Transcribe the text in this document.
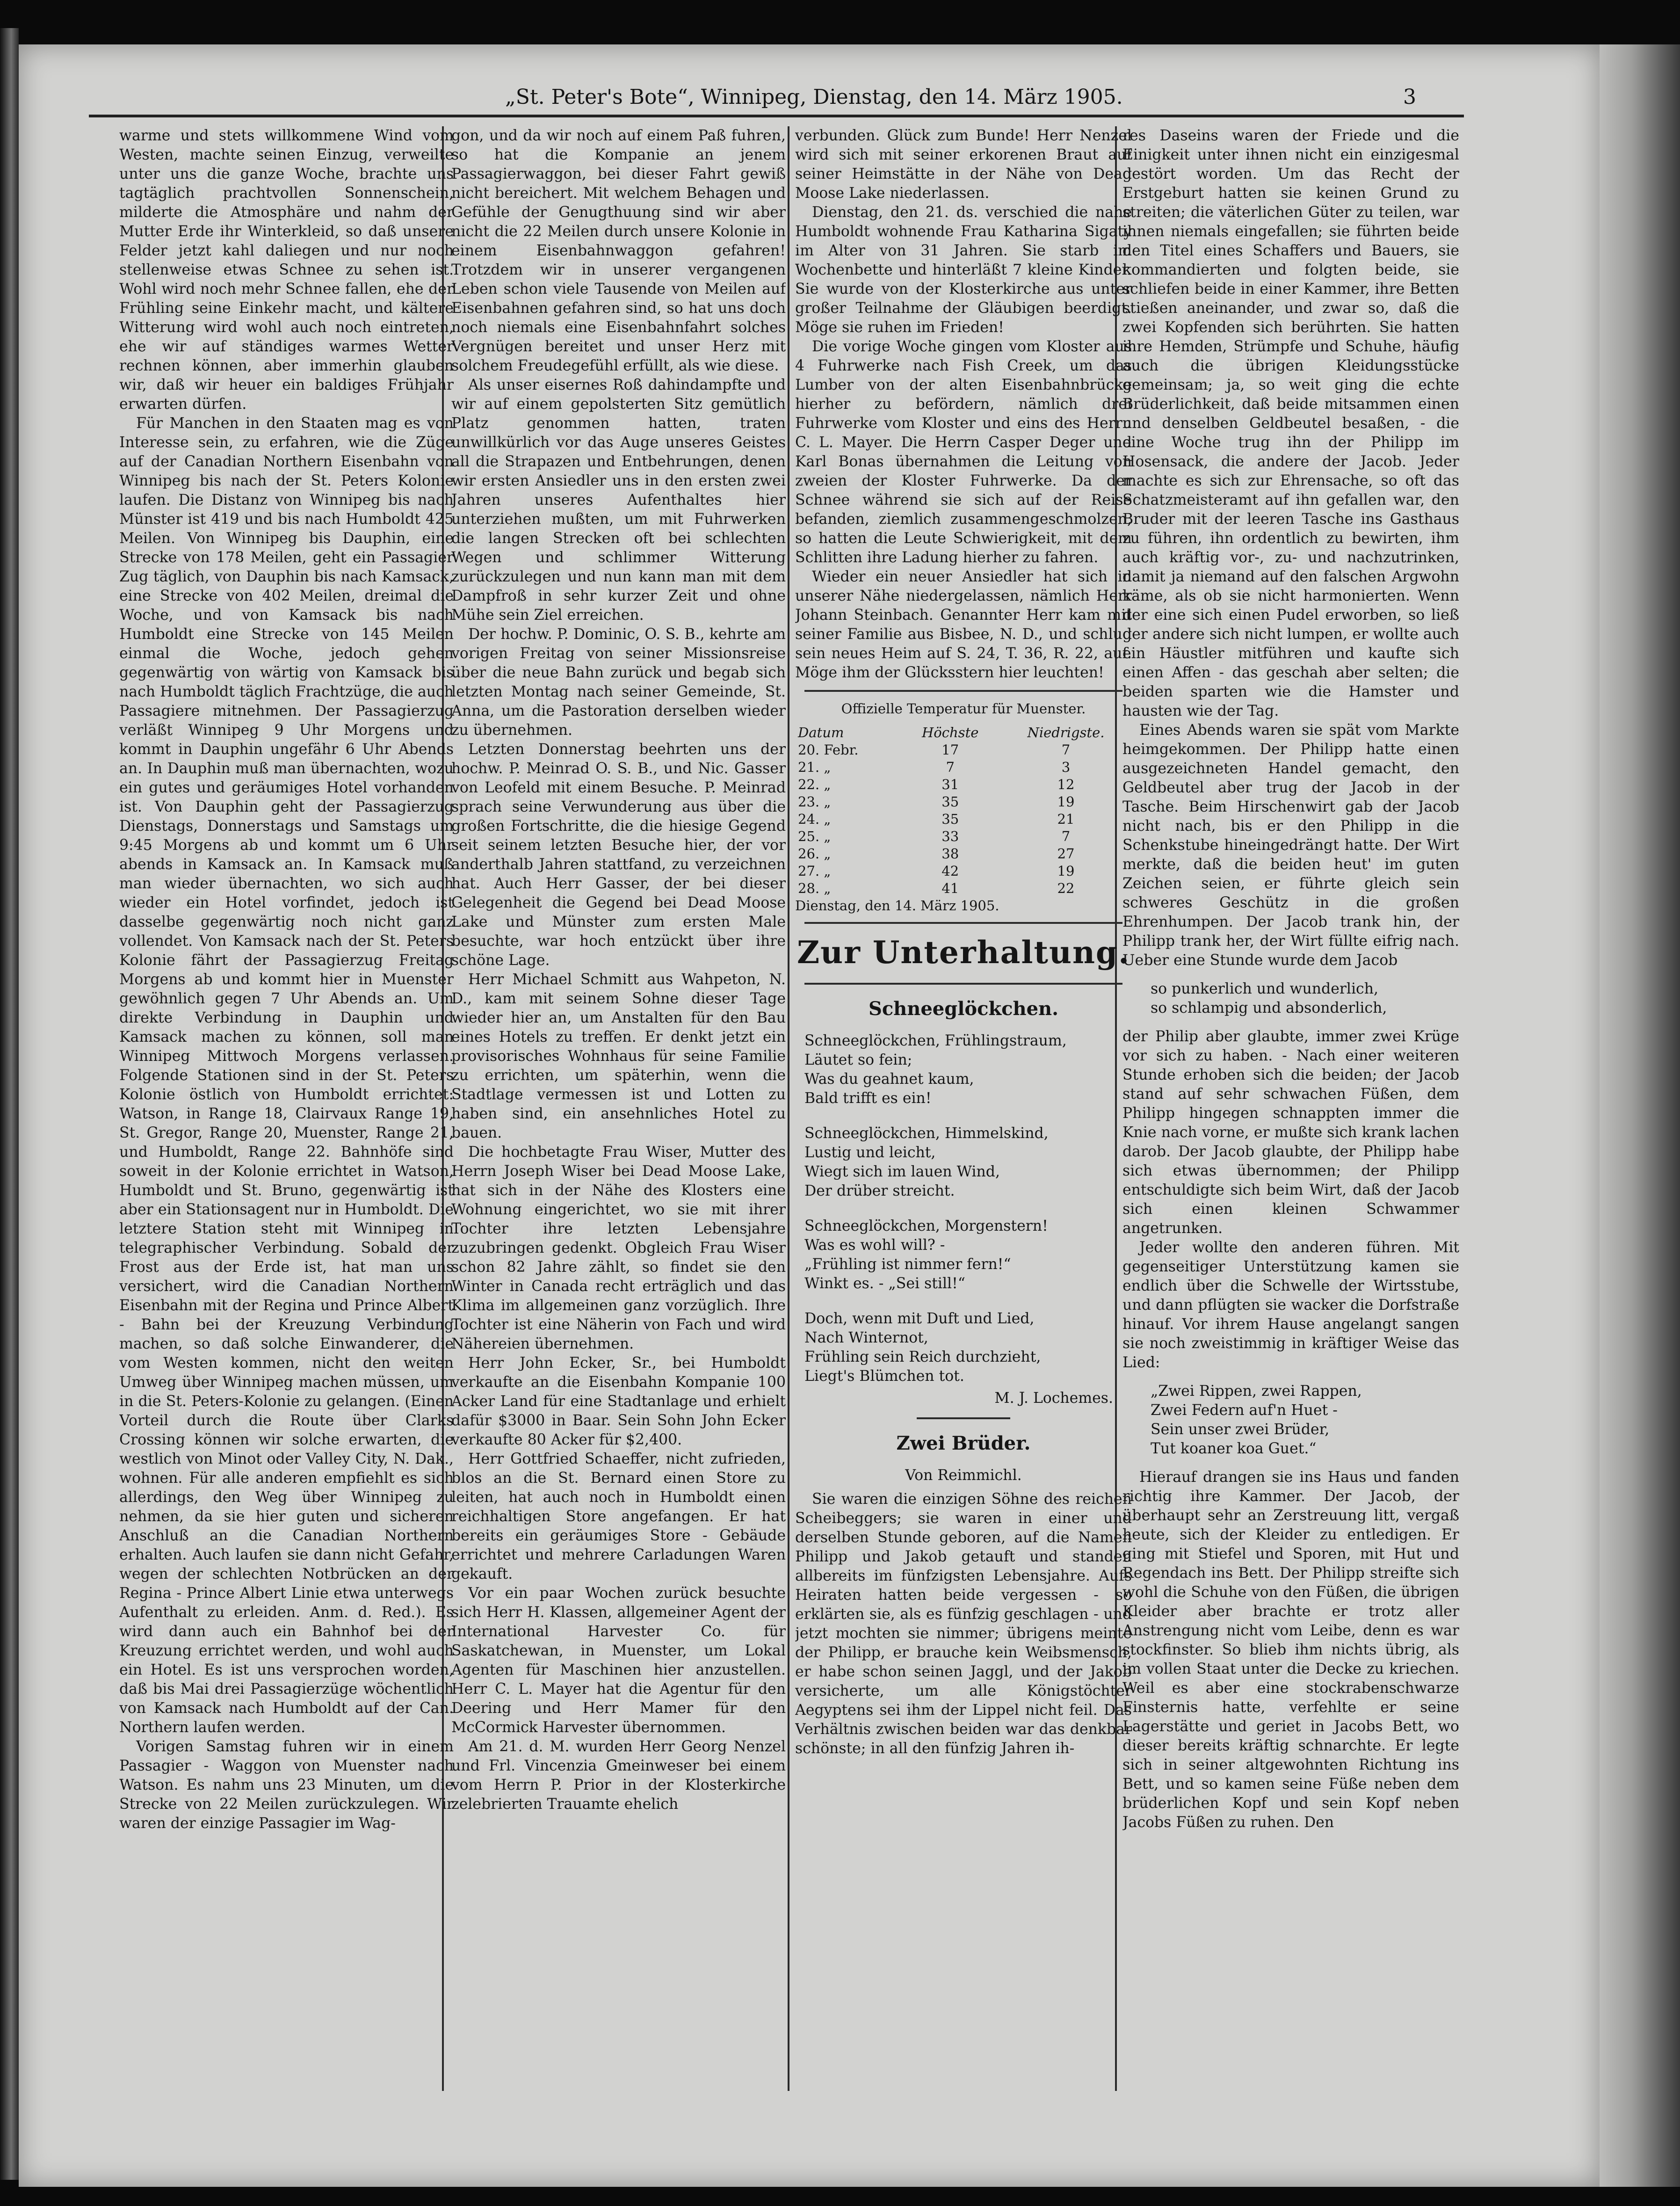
„St. Peter's Bote“, Winnipeg, Dienstag, den 14. März 1905.	3

warme und stets willkommene Wind vom Westen, machte seinen Einzug, verweilte unter uns die ganze Woche, brachte uns tagtäglich prachtvollen Sonnenschein, milderte die Atmosphäre und nahm der Mutter Erde ihr Winterkleid, so daß unsere Felder jetzt kahl daliegen und nur noch stellenweise etwas Schnee zu sehen ist. Wohl wird noch mehr Schnee fallen, ehe der Frühling seine Einkehr macht, und kältere Witterung wird wohl auch noch eintreten, ehe wir auf ständiges warmes Wetter rechnen können, aber immerhin glauben wir, daß wir heuer ein baldiges Frühjahr erwarten dürfen.

Für Manchen in den Staaten mag es von Interesse sein, zu erfahren, wie die Züge auf der Canadian Northern Eisenbahn von Winnipeg bis nach der St. Peters Kolonie laufen. Die Distanz von Winnipeg bis nach Münster ist 419 und bis nach Humboldt 425 Meilen. Von Winnipeg bis Dauphin, eine Strecke von 178 Meilen, geht ein Passagier Zug täglich, von Dauphin bis nach Kamsack, eine Strecke von 402 Meilen, dreimal die Woche, und von Kamsack bis nach Humboldt eine Strecke von 145 Meilen einmal die Woche, jedoch gehen gegenwärtig von wärtig von Kamsack bis nach Humboldt täglich Frachtzüge, die auch Passagiere mitnehmen. Der Passagierzug verläßt Winnipeg 9 Uhr Morgens und kommt in Dauphin ungefähr 6 Uhr Abends an. In Dauphin muß man übernachten, wozu ein gutes und geräumiges Hotel vorhanden ist. Von Dauphin geht der Passagierzug Dienstags, Donnerstags und Samstags um 9:45 Morgens ab und kommt um 6 Uhr abends in Kamsack an. In Kamsack muß man wieder übernachten, wo sich auch wieder ein Hotel vorfindet, jedoch ist dasselbe gegenwärtig noch nicht ganz vollendet. Von Kamsack nach der St. Peters Kolonie fährt der Passagierzug Freitag Morgens ab und kommt hier in Muenster gewöhnlich gegen 7 Uhr Abends an. Um direkte Verbindung in Dauphin und Kamsack machen zu können, soll man Winnipeg Mittwoch Morgens verlassen. Folgende Stationen sind in der St. Peters Kolonie östlich von Humboldt errichtet: Watson, in Range 18, Clairvaux Range 19, St. Gregor, Range 20, Muenster, Range 21, und Humboldt, Range 22. Bahnhöfe sind soweit in der Kolonie errichtet in Watson, Humboldt und St. Bruno, gegenwärtig ist aber ein Stationsagent nur in Humboldt. Die letztere Station steht mit Winnipeg in telegraphischer Verbindung. Sobald der Frost aus der Erde ist, hat man uns versichert, wird die Canadian Northern Eisenbahn mit der Regina und Prince Albert - Bahn bei der Kreuzung Verbindung machen, so daß solche Einwanderer, die vom Westen kommen, nicht den weiten Umweg über Winnipeg machen müssen, um in die St. Peters-Kolonie zu gelangen. (Einen Vorteil durch die Route über Clarks Crossing können wir solche erwarten, die westlich von Minot oder Valley City, N. Dak., wohnen. Für alle anderen empfiehlt es sich allerdings, den Weg über Winnipeg zu nehmen, da sie hier guten und sicheren Anschluß an die Canadian Northern erhalten. Auch laufen sie dann nicht Gefahr, wegen der schlechten Notbrücken an der Regina - Prince Albert Linie etwa unterwegs Aufenthalt zu erleiden. Anm. d. Red.). Es wird dann auch ein Bahnhof bei der Kreuzung errichtet werden, und wohl auch ein Hotel. Es ist uns versprochen worden, daß bis Mai drei Passagierzüge wöchentlich von Kamsack nach Humboldt auf der Can. Northern laufen werden.

Vorigen Samstag fuhren wir in einem Passagier - Waggon von Muenster nach Watson. Es nahm uns 23 Minuten, um die Strecke von 22 Meilen zurückzulegen. Wir waren der einzige Passagier im Wag-

gon, und da wir noch auf einem Paß fuhren, so hat die Kompanie an jenem Passagierwaggon, bei dieser Fahrt gewiß nicht bereichert. Mit welchem Behagen und Gefühle der Genugthuung sind wir aber nicht die 22 Meilen durch unsere Kolonie in einem Eisenbahnwaggon gefahren! Trotzdem wir in unserer vergangenen Leben schon viele Tausende von Meilen auf Eisenbahnen gefahren sind, so hat uns doch noch niemals eine Eisenbahnfahrt solches Vergnügen bereitet und unser Herz mit solchem Freudegefühl erfüllt, als wie diese.

Als unser eisernes Roß dahindampfte und wir auf einem gepolsterten Sitz gemütlich Platz genommen hatten, traten unwillkürlich vor das Auge unseres Geistes all die Strapazen und Entbehrungen, denen wir ersten Ansiedler uns in den ersten zwei Jahren unseres Aufenthaltes hier unterziehen mußten, um mit Fuhrwerken die langen Strecken oft bei schlechten Wegen und schlimmer Witterung zurückzulegen und nun kann man mit dem Dampfroß in sehr kurzer Zeit und ohne Mühe sein Ziel erreichen.

Der hochw. P. Dominic, O. S. B., kehrte am vorigen Freitag von seiner Missionsreise über die neue Bahn zurück und begab sich letzten Montag nach seiner Gemeinde, St. Anna, um die Pastoration derselben wieder zu übernehmen.

Letzten Donnerstag beehrten uns der hochw. P. Meinrad O. S. B., und Nic. Gasser von Leofeld mit einem Besuche. P. Meinrad sprach seine Verwunderung aus über die großen Fortschritte, die die hiesige Gegend seit seinem letzten Besuche hier, der vor anderthalb Jahren stattfand, zu verzeichnen hat. Auch Herr Gasser, der bei dieser Gelegenheit die Gegend bei Dead Moose Lake und Münster zum ersten Male besuchte, war hoch entzückt über ihre schöne Lage.

Herr Michael Schmitt aus Wahpeton, N. D., kam mit seinem Sohne dieser Tage wieder hier an, um Anstalten für den Bau eines Hotels zu treffen. Er denkt jetzt ein provisorisches Wohnhaus für seine Familie zu errichten, um späterhin, wenn die Stadtlage vermessen ist und Lotten zu haben sind, ein ansehnliches Hotel zu bauen.

Die hochbetagte Frau Wiser, Mutter des Herrn Joseph Wiser bei Dead Moose Lake, hat sich in der Nähe des Klosters eine Wohnung eingerichtet, wo sie mit ihrer Tochter ihre letzten Lebensjahre zuzubringen gedenkt. Obgleich Frau Wiser schon 82 Jahre zählt, so findet sie den Winter in Canada recht erträglich und das Klima im allgemeinen ganz vorzüglich. Ihre Tochter ist eine Näherin von Fach und wird Nähereien übernehmen.

Herr John Ecker, Sr., bei Humboldt verkaufte an die Eisenbahn Kompanie 100 Acker Land für eine Stadtanlage und erhielt dafür $3000 in Baar. Sein Sohn John Ecker verkaufte 80 Acker für $2,400.

Herr Gottfried Schaeffer, nicht zufrieden, blos an die St. Bernard einen Store zu leiten, hat auch noch in Humboldt einen reichhaltigen Store angefangen. Er hat bereits ein geräumiges Store - Gebäude errichtet und mehrere Carladungen Waren gekauft.

Vor ein paar Wochen zurück besuchte sich Herr H. Klassen, allgemeiner Agent der International Harvester Co. für Saskatchewan, in Muenster, um Lokal Agenten für Maschinen hier anzustellen. Herr C. L. Mayer hat die Agentur für den Deering und Herr Mamer für den McCormick Harvester übernommen.

Am 21. d. M. wurden Herr Georg Nenzel und Frl. Vincenzia Gmeinweser bei einem vom Herrn P. Prior in der Klosterkirche zelebrierten Trauamte ehelich

verbunden. Glück zum Bunde! Herr Nenzel wird sich mit seiner erkorenen Braut auf seiner Heimstätte in der Nähe von Dead Moose Lake niederlassen.

Dienstag, den 21. ds. verschied die nahe Humboldt wohnende Frau Katharina Sigaty im Alter von 31 Jahren. Sie starb im Wochenbette und hinterläßt 7 kleine Kinder. Sie wurde von der Klosterkirche aus unter großer Teilnahme der Gläubigen beerdigt. Möge sie ruhen im Frieden!

Die vorige Woche gingen vom Kloster aus 4 Fuhrwerke nach Fish Creek, um das Lumber von der alten Eisenbahnbrücke hierher zu befördern, nämlich drei Fuhrwerke vom Kloster und eins des Herrn C. L. Mayer. Die Herrn Casper Deger und Karl Bonas übernahmen die Leitung von zweien der Kloster Fuhrwerke. Da der Schnee während sie sich auf der Reise befanden, ziemlich zusammengeschmolzen, so hatten die Leute Schwierigkeit, mit dem Schlitten ihre Ladung hierher zu fahren.

Wieder ein neuer Ansiedler hat sich in unserer Nähe niedergelassen, nämlich Herr Johann Steinbach. Genannter Herr kam mit seiner Familie aus Bisbee, N. D., und schlug sein neues Heim auf S. 24, T. 36, R. 22, auf. Möge ihm der Glücksstern hier leuchten!

Offizielle Temperatur für Muenster.
Datum	Höchste	Niedrigste.
20. Febr.	17	7
21. „	7	3
22. „	31	12
23. „	35	19
24. „	35	21
25. „	33	7
26. „	38	27
27. „	42	19
28. „	41	22

Dienstag, den 14. März 1905.

Zur Unterhaltung.
Schneeglöckchen.
Schneeglöckchen, Frühlingstraum,
Läutet so fein;
Was du geahnet kaum,
Bald trifft es ein!
Schneeglöckchen, Himmelskind,
Lustig und leicht,
Wiegt sich im lauen Wind,
Der drüber streicht.
Schneeglöckchen, Morgenstern!
Was es wohl will? -
„Frühling ist nimmer fern!“
Winkt es. - „Sei still!“
Doch, wenn mit Duft und Lied,
Nach Winternot,
Frühling sein Reich durchzieht,
Liegt's Blümchen tot.
M. J. Lochemes.
Zwei Brüder.
Von Reimmichl.

Sie waren die einzigen Söhne des reichen Scheibeggers; sie waren in einer und derselben Stunde geboren, auf die Namen Philipp und Jakob getauft und standen allbereits im fünfzigsten Lebensjahre. Aufs Heiraten hatten beide vergessen - so erklärten sie, als es fünfzig geschlagen - und jetzt mochten sie nimmer; übrigens meinte der Philipp, er brauche kein Weibsmensch, er habe schon seinen Jaggl, und der Jakob versicherte, um alle Königstöchter Aegyptens sei ihm der Lippel nicht feil. Das Verhältnis zwischen beiden war das denkbar schönste; in all den fünfzig Jahren ih-

res Daseins waren der Friede und die Einigkeit unter ihnen nicht ein einzigesmal gestört worden. Um das Recht der Erstgeburt hatten sie keinen Grund zu streiten; die väterlichen Güter zu teilen, war ihnen niemals eingefallen; sie führten beide den Titel eines Schaffers und Bauers, sie kommandierten und folgten beide, sie schliefen beide in einer Kammer, ihre Betten stießen aneinander, und zwar so, daß die zwei Kopfenden sich berührten. Sie hatten ihre Hemden, Strümpfe und Schuhe, häufig auch die übrigen Kleidungsstücke gemeinsam; ja, so weit ging die echte Brüderlichkeit, daß beide mitsammen einen und denselben Geldbeutel besaßen, - die eine Woche trug ihn der Philipp im Hosensack, die andere der Jacob. Jeder machte es sich zur Ehrensache, so oft das Schatzmeisteramt auf ihn gefallen war, den Bruder mit der leeren Tasche ins Gasthaus zu führen, ihn ordentlich zu bewirten, ihm auch kräftig vor-, zu- und nachzutrinken, damit ja niemand auf den falschen Argwohn käme, als ob sie nicht harmonierten. Wenn der eine sich einen Pudel erworben, so ließ der andere sich nicht lumpen, er wollte auch ein Häustler mitführen und kaufte sich einen Affen - das geschah aber selten; die beiden sparten wie die Hamster und hausten wie der Tag.

Eines Abends waren sie spät vom Markte heimgekommen. Der Philipp hatte einen ausgezeichneten Handel gemacht, den Geldbeutel aber trug der Jacob in der Tasche. Beim Hirschenwirt gab der Jacob nicht nach, bis er den Philipp in die Schenkstube hineingedrängt hatte. Der Wirt merkte, daß die beiden heut' im guten Zeichen seien, er führte gleich sein schweres Geschütz in die großen Ehrenhumpen. Der Jacob trank hin, der Philipp trank her, der Wirt füllte eifrig nach. Ueber eine Stunde wurde dem Jacob

so punkerlich und wunderlich,
so schlampig und absonderlich,

der Philip aber glaubte, immer zwei Krüge vor sich zu haben. - Nach einer weiteren Stunde erhoben sich die beiden; der Jacob stand auf sehr schwachen Füßen, dem Philipp hingegen schnappten immer die Knie nach vorne, er mußte sich krank lachen darob. Der Jacob glaubte, der Philipp habe sich etwas übernommen; der Philipp entschuldigte sich beim Wirt, daß der Jacob sich einen kleinen Schwammer angetrunken.

Jeder wollte den anderen führen. Mit gegenseitiger Unterstützung kamen sie endlich über die Schwelle der Wirtsstube, und dann pflügten sie wacker die Dorfstraße hinauf. Vor ihrem Hause angelangt sangen sie noch zweistimmig in kräftiger Weise das Lied:

„Zwei Rippen, zwei Rappen,
Zwei Federn auf'n Huet -
Sein unser zwei Brüder,
Tut koaner koa Guet.“

Hierauf drangen sie ins Haus und fanden richtig ihre Kammer. Der Jacob, der überhaupt sehr an Zerstreuung litt, vergaß heute, sich der Kleider zu entledigen. Er ging mit Stiefel und Sporen, mit Hut und Regendach ins Bett. Der Philipp streifte sich wohl die Schuhe von den Füßen, die übrigen Kleider aber brachte er trotz aller Anstrengung nicht vom Leibe, denn es war stockfinster. So blieb ihm nichts übrig, als im vollen Staat unter die Decke zu kriechen. Weil es aber eine stockrabenschwarze Finsternis hatte, verfehlte er seine Lagerstätte und geriet in Jacobs Bett, wo dieser bereits kräftig schnarchte. Er legte sich in seiner altgewohnten Richtung ins Bett, und so kamen seine Füße neben dem brüderlichen Kopf und sein Kopf neben Jacobs Füßen zu ruhen. Den
